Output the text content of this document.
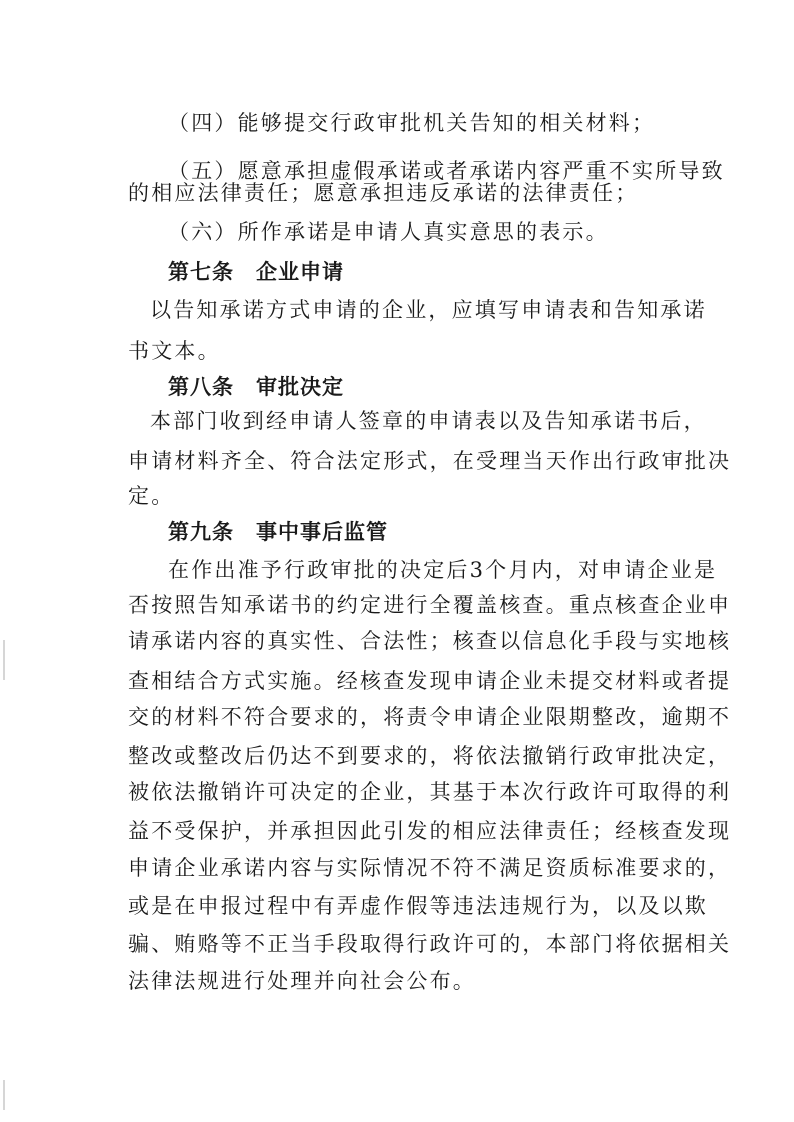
（四）能够提交行政审批机关告知的相关材料；
（五）愿意承担虚假承诺或者承诺内容严重不实所导致
的相应法律责任；愿意承担违反承诺的法律责任；
（六）所作承诺是申请人真实意思的表示。
第七条 企业申请
以告知承诺方式申请的企业，应填写申请表和告知承诺
书文本。
第八条 审批决定
本部门收到经申请人签章的申请表以及告知承诺书后，
申请材料齐全、符合法定形式，在受理当天作出行政审批决
定。
第九条 事中事后监管
在作出准予行政审批的决定后3个月内，对申请企业是
否按照告知承诺书的约定进行全覆盖核查。重点核查企业申
请承诺内容的真实性、合法性；核查以信息化手段与实地核
查相结合方式实施。经核查发现申请企业未提交材料或者提
交的材料不符合要求的，将责令申请企业限期整改，逾期不
整改或整改后仍达不到要求的，将依法撤销行政审批决定，
被依法撤销许可决定的企业，其基于本次行政许可取得的利
益不受保护，并承担因此引发的相应法律责任；经核查发现
申请企业承诺内容与实际情况不符不满足资质标准要求的，
或是在申报过程中有弄虚作假等违法违规行为，以及以欺
骗、贿赂等不正当手段取得行政许可的，本部门将依据相关
法律法规进行处理并向社会公布。
